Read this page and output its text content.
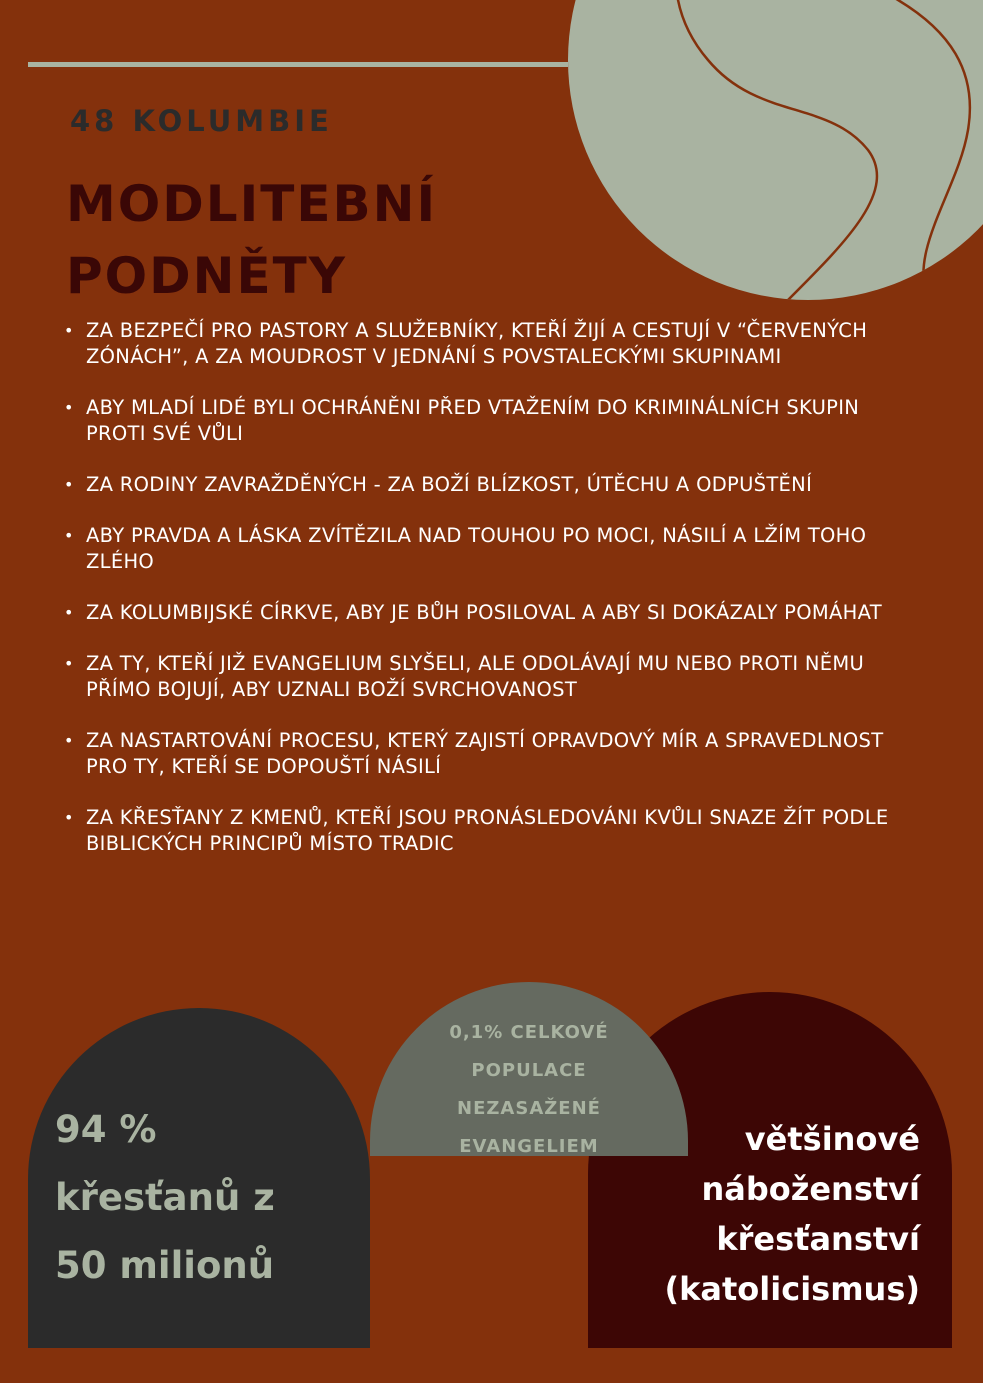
48 KOLUMBIE
MODLITEBNÍ
PODNĚTY
• ZA BEZPEČÍ PRO PASTORY A SLUŽEBNÍKY, KTEŘÍ ŽIJÍ A CESTUJÍ V “ČERVENÝCH ZÓNÁCH”, A ZA MOUDROST V JEDNÁNÍ S POVSTALECKÝMI SKUPINAMI
• ABY MLADÍ LIDÉ BYLI OCHRÁNĚNI PŘED VTAŽENÍM DO KRIMINÁLNÍCH SKUPIN PROTI SVÉ VŮLI
• ZA RODINY ZAVRAŽDĚNÝCH - ZA BOŽÍ BLÍZKOST, ÚTĚCHU A ODPUŠTĚNÍ
• ABY PRAVDA A LÁSKA ZVÍTĚZILA NAD TOUHOU PO MOCI, NÁSILÍ A LŽÍM TOHO ZLÉHO
• ZA KOLUMBIJSKÉ CÍRKVE, ABY JE BŮH POSILOVAL A ABY SI DOKÁZALY POMÁHAT
• ZA TY, KTEŘÍ JIŽ EVANGELIUM SLYŠELI, ALE ODOLÁVAJÍ MU NEBO PROTI NĚMU PŘÍMO BOJUJÍ, ABY UZNALI BOŽÍ SVRCHOVANOST
• ZA NASTARTOVÁNÍ PROCESU, KTERÝ ZAJISTÍ OPRAVDOVÝ MÍR A SPRAVEDLNOST PRO TY, KTEŘÍ SE DOPOUŠTÍ NÁSILÍ
• ZA KŘESŤANY Z KMENŮ, KTEŘÍ JSOU PRONÁSLEDOVÁNI KVŮLI SNAZE ŽÍT PODLE BIBLICKÝCH PRINCIPŮ MÍSTO TRADIC
94 %
křesťanů z
50 milionů
většinové
náboženství
křesťanství
(katolicismus)
0,1% CELKOVÉ
POPULACE
NEZASAŽENÉ
EVANGELIEM
